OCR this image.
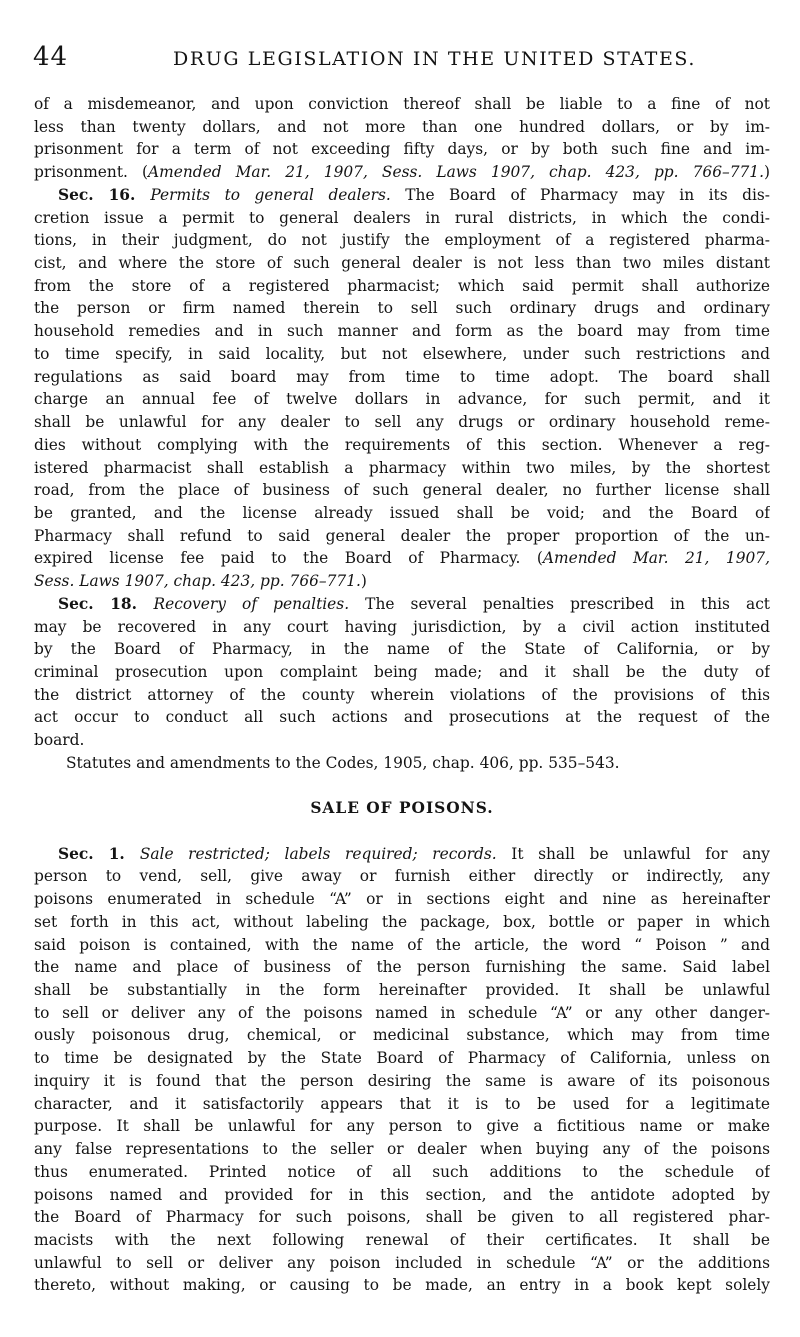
44	DRUG LEGISLATION IN THE UNITED STATES.
of a misdemeanor, and upon conviction thereof shall be liable to a fine of not
less than twenty dollars, and not more than one hundred dollars, or by im-
prisonment for a term of not exceeding fifty days, or by both such fine and im-
prisonment. (Amended Mar. 21, 1907, Sess. Laws 1907, chap. 423, pp. 766–771.)
Sec. 16. Permits to general dealers. The Board of Pharmacy may in its dis-
cretion issue a permit to general dealers in rural districts, in which the condi-
tions, in their judgment, do not justify the employment of a registered pharma-
cist, and where the store of such general dealer is not less than two miles distant
from the store of a registered pharmacist; which said permit shall authorize
the person or firm named therein to sell such ordinary drugs and ordinary
household remedies and in such manner and form as the board may from time
to time specify, in said locality, but not elsewhere, under such restrictions and
regulations as said board may from time to time adopt. The board shall
charge an annual fee of twelve dollars in advance, for such permit, and it
shall be unlawful for any dealer to sell any drugs or ordinary household reme-
dies without complying with the requirements of this section. Whenever a reg-
istered pharmacist shall establish a pharmacy within two miles, by the shortest
road, from the place of business of such general dealer, no further license shall
be granted, and the license already issued shall be void; and the Board of
Pharmacy shall refund to said general dealer the proper proportion of the un-
expired license fee paid to the Board of Pharmacy. (Amended Mar. 21, 1907,
Sess. Laws 1907, chap. 423, pp. 766–771.)
Sec. 18. Recovery of penalties. The several penalties prescribed in this act
may be recovered in any court having jurisdiction, by a civil action instituted
by the Board of Pharmacy, in the name of the State of California, or by
criminal prosecution upon complaint being made; and it shall be the duty of
the district attorney of the county wherein violations of the provisions of this
act occur to conduct all such actions and prosecutions at the request of the
board.
Statutes and amendments to the Codes, 1905, chap. 406, pp. 535–543.
SALE OF POISONS.
Sec. 1. Sale restricted; labels required; records. It shall be unlawful for any
person to vend, sell, give away or furnish either directly or indirectly, any
poisons enumerated in schedule “A” or in sections eight and nine as hereinafter
set forth in this act, without labeling the package, box, bottle or paper in which
said poison is contained, with the name of the article, the word “ Poison ” and
the name and place of business of the person furnishing the same. Said label
shall be substantially in the form hereinafter provided. It shall be unlawful
to sell or deliver any of the poisons named in schedule “A” or any other danger-
ously poisonous drug, chemical, or medicinal substance, which may from time
to time be designated by the State Board of Pharmacy of California, unless on
inquiry it is found that the person desiring the same is aware of its poisonous
character, and it satisfactorily appears that it is to be used for a legitimate
purpose. It shall be unlawful for any person to give a fictitious name or make
any false representations to the seller or dealer when buying any of the poisons
thus enumerated. Printed notice of all such additions to the schedule of
poisons named and provided for in this section, and the antidote adopted by
the Board of Pharmacy for such poisons, shall be given to all registered phar-
macists with the next following renewal of their certificates. It shall be
unlawful to sell or deliver any poison included in schedule “A” or the additions
thereto, without making, or causing to be made, an entry in a book kept solely
